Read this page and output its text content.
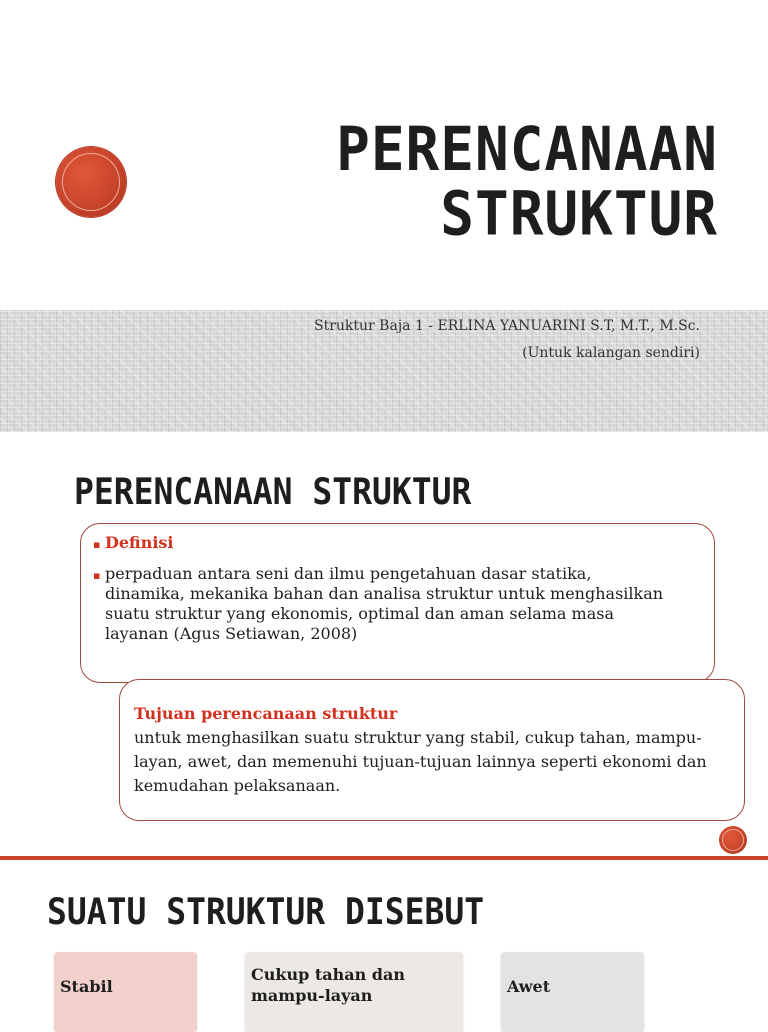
PERENCANAAN
STRUKTUR

Struktur Baja 1 - ERLINA YANUARINI S.T, M.T., M.Sc.

(Untuk kalangan sendiri)

PERENCANAAN STRUKTUR

▪ Definisi

▪ perpaduan antara seni dan ilmu pengetahuan dasar statika, dinamika, mekanika bahan dan analisa struktur untuk menghasilkan suatu struktur yang ekonomis, optimal dan aman selama masa layanan (Agus Setiawan, 2008)

Tujuan perencanaan struktur

untuk menghasilkan suatu struktur yang stabil, cukup tahan, mampu-layan, awet, dan memenuhi tujuan-tujuan lainnya seperti ekonomi dan kemudahan pelaksanaan.

SUATU STRUKTUR DISEBUT
Stabil
Cukup tahan dan mampu-layan	Awet
